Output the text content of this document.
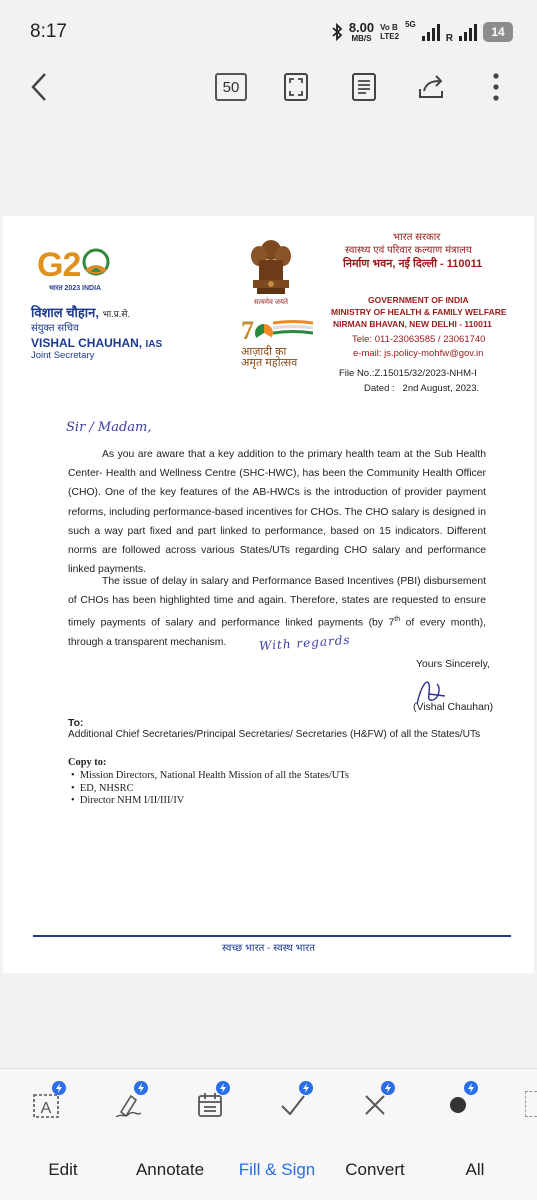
8:17	8.00
MB/S
Vo B
LTE2
5G
R	14
50
G2
भारत 2023 INDIA
विशाल चौहान, भा.प्र.से.
संयुक्त सचिव
VISHAL CHAUHAN, IAS
Joint Secretary
सत्यमेव जयते
7
आज़ादी का
अमृत महोत्सव
भारत सरकार
स्वास्थ्य एवं परिवार कल्याण मंत्रालय
निर्माण भवन, नई दिल्ली - 110011
GOVERNMENT OF INDIA
MINISTRY OF HEALTH & FAMILY WELFARE
NIRMAN BHAVAN, NEW DELHI - 110011
Tele: 011-23063585 / 23061740
e-mail: js.policy-mohfw@gov.in
File No.:Z.15015/32/2023-NHM-I
Dated :   2nd August, 2023.
Sir / Madam,
As you are aware that a key addition to the primary health team at the Sub Health Center- Health and Wellness Centre (SHC-HWC), has been the Community Health Officer (CHO). One of the key features of the AB-HWCs is the introduction of provider payment reforms, including performance-based incentives for CHOs. The CHO salary is designed in such a way part fixed and part linked to performance, based on 15 indicators. Different norms are followed across various States/UTs regarding CHO salary and performance linked payments.
The issue of delay in salary and Performance Based Incentives (PBI) disbursement of CHOs has been highlighted time and again. Therefore, states are requested to ensure timely payments of salary and performance linked payments (by 7th of every month), through a transparent mechanism.	With regards
Yours Sincerely,
(Vishal Chauhan)
To:
Additional Chief Secretaries/Principal Secretaries/ Secretaries (H&FW) of all the States/UTs
Copy to:
•  Mission Directors, National Health Mission of all the States/UTs
•  ED, NHSRC
•  Director NHM I/II/III/IV
स्वच्छ भारत - स्वस्थ भारत
A
Edit	Annotate	Fill & Sign	Convert	All
